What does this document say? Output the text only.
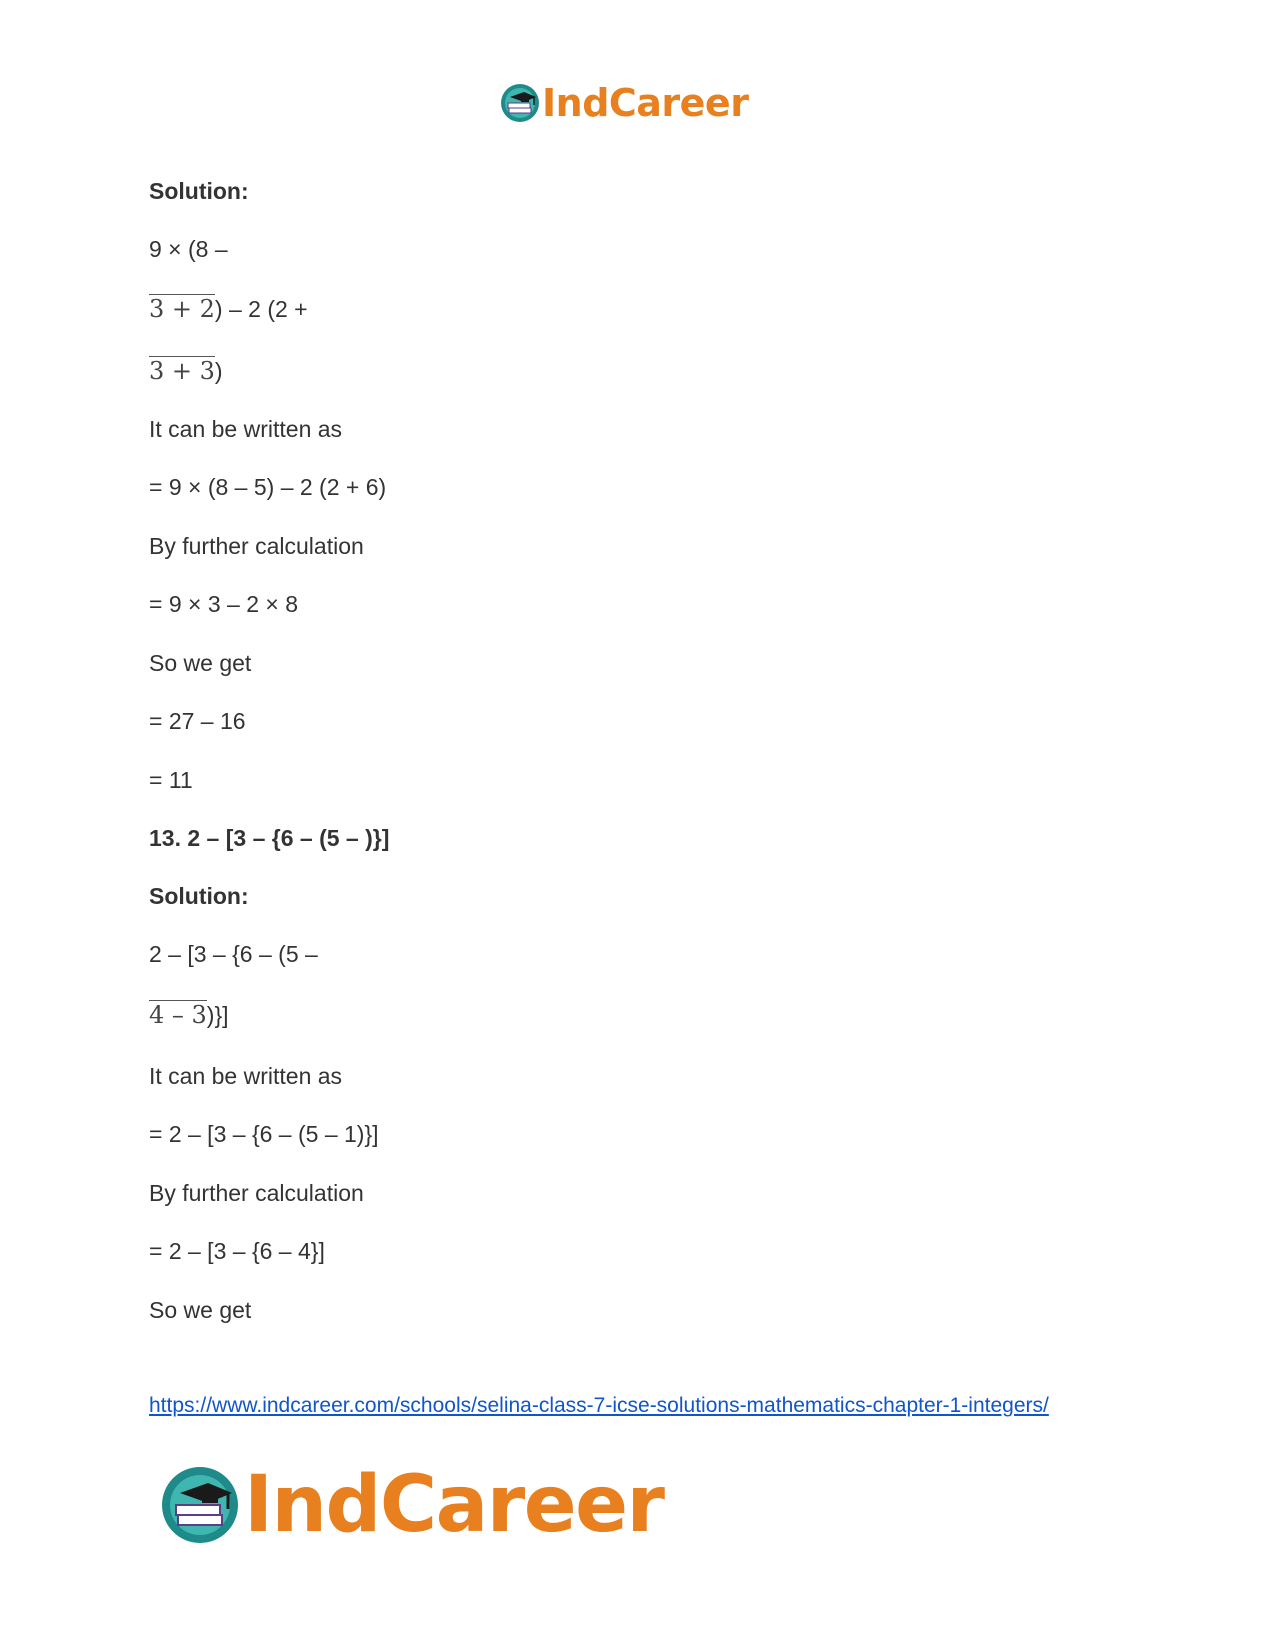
IndCareer
Solution:
9 × (8 –
3 + 2) – 2 (2 +
3 + 3)
It can be written as
= 9 × (8 – 5) – 2 (2 + 6)
By further calculation
= 9 × 3 – 2 × 8
So we get
= 27 – 16
= 11
13. 2 – [3 – {6 – (5 – )}]
Solution:
2 – [3 – {6 – (5 –
4 – 3)}]
It can be written as
= 2 – [3 – {6 – (5 – 1)}]
By further calculation
= 2 – [3 – {6 – 4}]
So we get
https://www.indcareer.com/schools/selina-class-7-icse-solutions-mathematics-chapter-1-integers/
IndCareer
